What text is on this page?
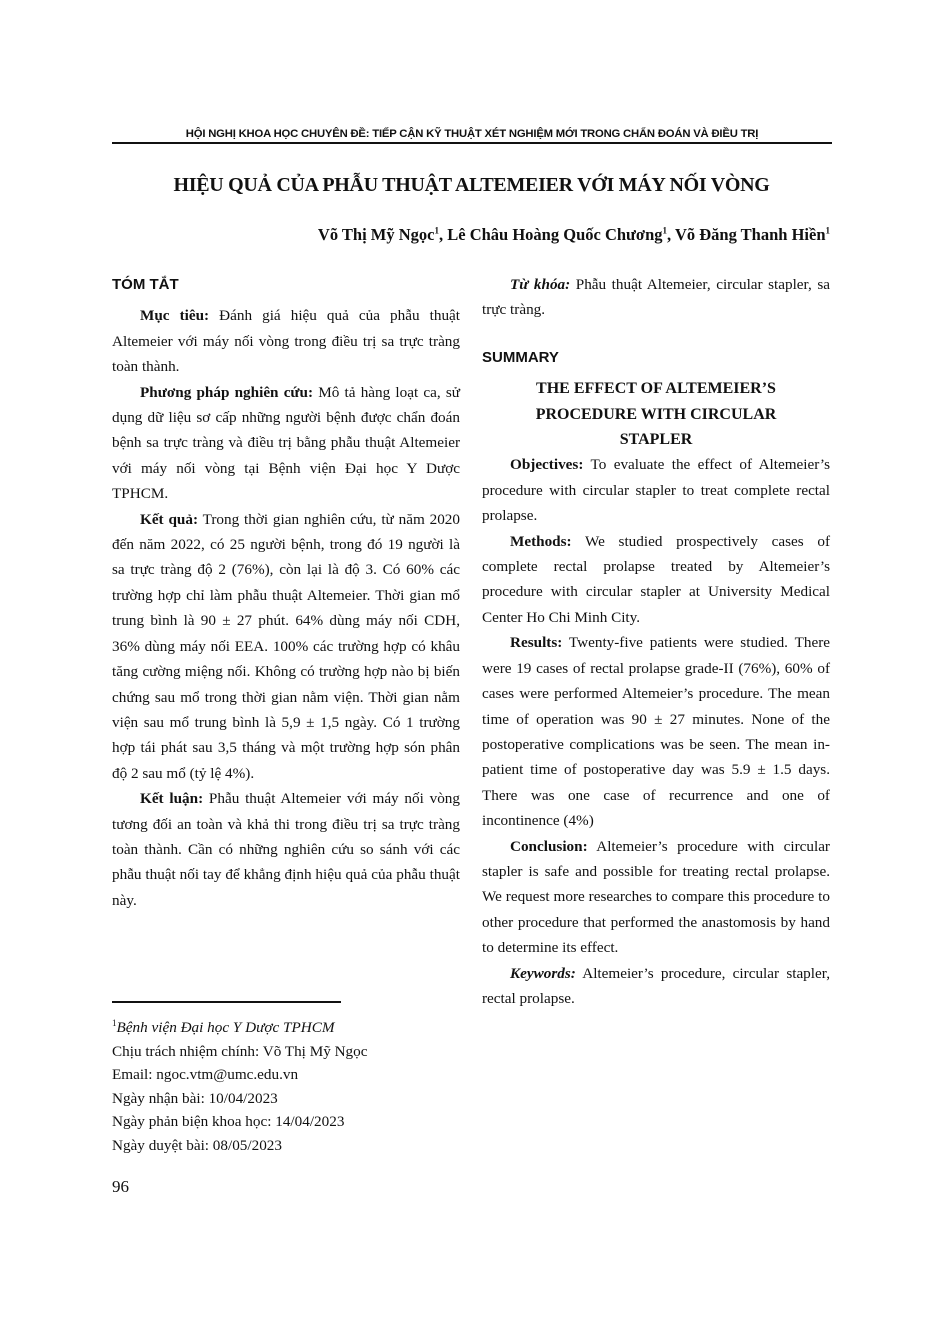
HỘI NGHỊ KHOA HỌC CHUYÊN ĐỀ: TIẾP CẬN KỸ THUẬT XÉT NGHIỆM MỚI TRONG CHẨN ĐOÁN VÀ ĐIỀU TRỊ
HIỆU QUẢ CỦA PHẪU THUẬT ALTEMEIER VỚI MÁY NỐI VÒNG
Võ Thị Mỹ Ngọc$^1$, Lê Châu Hoàng Quốc Chương$^1$, Võ Đăng Thanh Hiền$^1$
TÓM TẮT

Mục tiêu: Đánh giá hiệu quả của phẫu thuật Altemeier với máy nối vòng trong điều trị sa trực tràng toàn thành.

Phương pháp nghiên cứu: Mô tả hàng loạt ca, sử dụng dữ liệu sơ cấp những người bệnh được chẩn đoán bệnh sa trực tràng và điều trị bằng phẫu thuật Altemeier với máy nối vòng tại Bệnh viện Đại học Y Dược TPHCM.

Kết quả: Trong thời gian nghiên cứu, từ năm 2020 đến năm 2022, có 25 người bệnh, trong đó 19 người là sa trực tràng độ 2 (76%), còn lại là độ 3. Có 60% các trường hợp chỉ làm phẫu thuật Altemeier. Thời gian mổ trung bình là 90 ± 27 phút. 64% dùng máy nối CDH, 36% dùng máy nối EEA. 100% các trường hợp có khâu tăng cường miệng nối. Không có trường hợp nào bị biến chứng sau mổ trong thời gian nằm viện. Thời gian nằm viện sau mổ trung bình là 5,9 ± 1,5 ngày. Có 1 trường hợp tái phát sau 3,5 tháng và một trường hợp són phân độ 2 sau mổ (tỷ lệ 4%).

Kết luận: Phẫu thuật Altemeier với máy nối vòng tương đối an toàn và khả thi trong điều trị sa trực tràng toàn thành. Cần có những nghiên cứu so sánh với các phẫu thuật nối tay để khẳng định hiệu quả của phẫu thuật này.

Từ khóa: Phẫu thuật Altemeier, circular stapler, sa trực tràng.

SUMMARY
THE EFFECT OF ALTEMEIER’S PROCEDURE WITH CIRCULAR STAPLER

Objectives: To evaluate the effect of Altemeier’s procedure with circular stapler to treat complete rectal prolapse.

Methods: We studied prospectively cases of complete rectal prolapse treated by Altemeier’s procedure with circular stapler at University Medical Center Ho Chi Minh City.

Results: Twenty-five patients were studied. There were 19 cases of rectal prolapse grade-II (76%), 60% of cases were performed Altemeier’s procedure. The mean time of operation was 90 ± 27 minutes. None of the postoperative complications was be seen. The mean in-patient time of postoperative day was 5.9 ± 1.5 days. There was one case of recurrence and one of incontinence (4%)

Conclusion: Altemeier’s procedure with circular stapler is safe and possible for treating rectal prolapse. We request more researches to compare this procedure to other procedure that performed the anastomosis by hand to determine its effect.

Keywords: Altemeier’s procedure, circular stapler, rectal prolapse.

$^1$Bệnh viện Đại học Y Dược TPHCM
Chịu trách nhiệm chính: Võ Thị Mỹ Ngọc
Email: ngoc.vtm@umc.edu.vn
Ngày nhận bài: 10/04/2023
Ngày phản biện khoa học: 14/04/2023
Ngày duyệt bài: 08/05/2023
96
